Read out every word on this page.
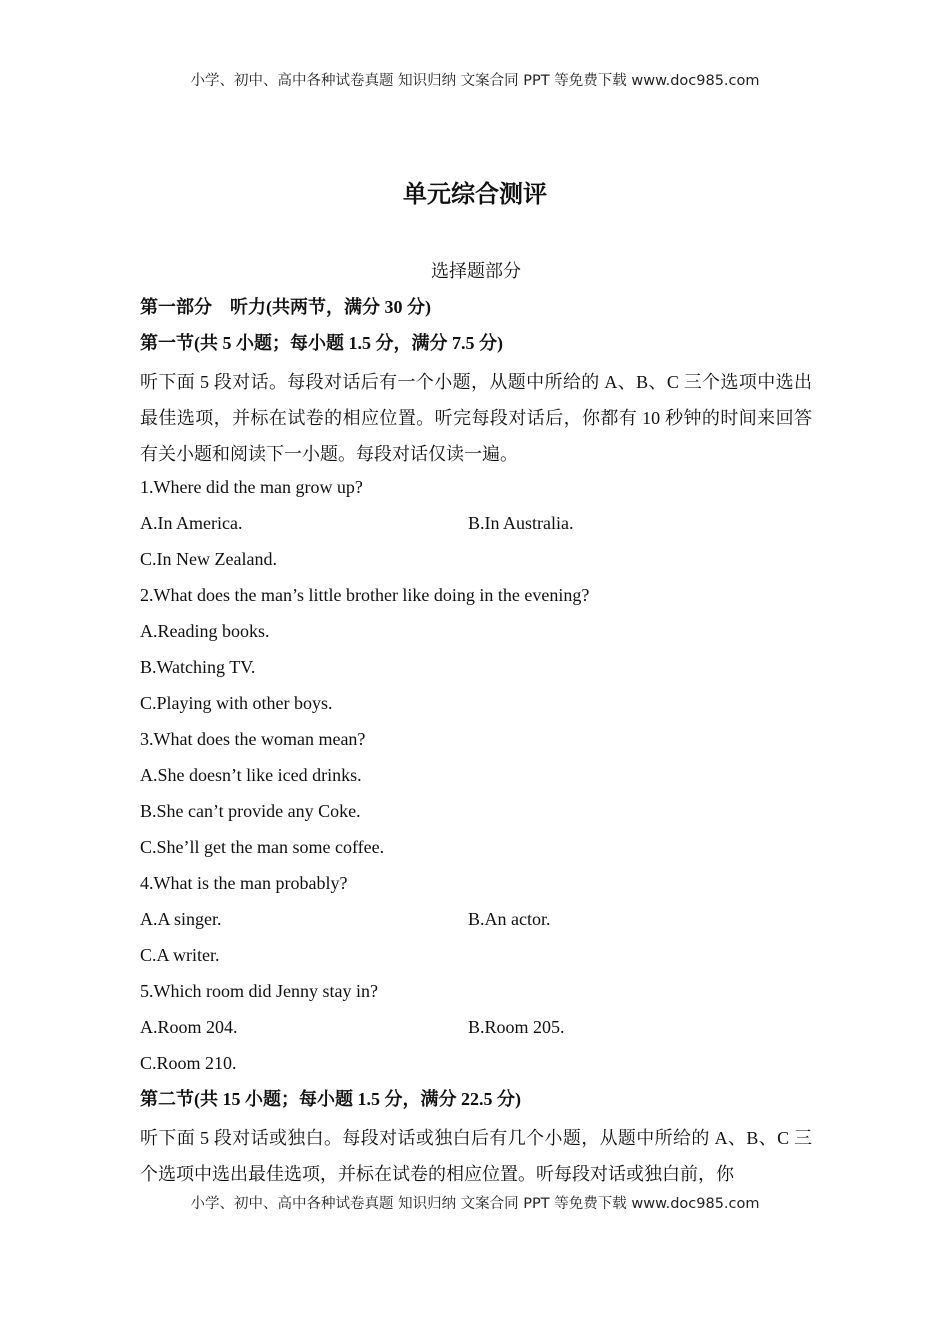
小学、初中、高中各种试卷真题 知识归纳 文案合同 PPT 等免费下载 www.doc985.com
单元综合测评
选择题部分
第一部分　听力(共两节，满分 30 分)
第一节(共 5 小题；每小题 1.5 分，满分 7.5 分)

听下面 5 段对话。每段对话后有一个小题，从题中所给的 A、B、C 三个选项中选出最佳选项，并标在试卷的相应位置。听完每段对话后，你都有 10 秒钟的时间来回答有关小题和阅读下一小题。每段对话仅读一遍。

1.Where did the man grow up?
A.In America.	B.In Australia.
C.In New Zealand.
2.What does the man’s little brother like doing in the evening?
A.Reading books.
B.Watching TV.
C.Playing with other boys.
3.What does the woman mean?
A.She doesn’t like iced drinks.
B.She can’t provide any Coke.
C.She’ll get the man some coffee.
4.What is the man probably?
A.A singer.	B.An actor.
C.A writer.
5.Which room did Jenny stay in?
A.Room 204.	B.Room 205.
C.Room 210.
第二节(共 15 小题；每小题 1.5 分，满分 22.5 分)

听下面 5 段对话或独白。每段对话或独白后有几个小题，从题中所给的 A、B、C 三个选项中选出最佳选项，并标在试卷的相应位置。听每段对话或独白前，你

小学、初中、高中各种试卷真题 知识归纳 文案合同 PPT 等免费下载 www.doc985.com
